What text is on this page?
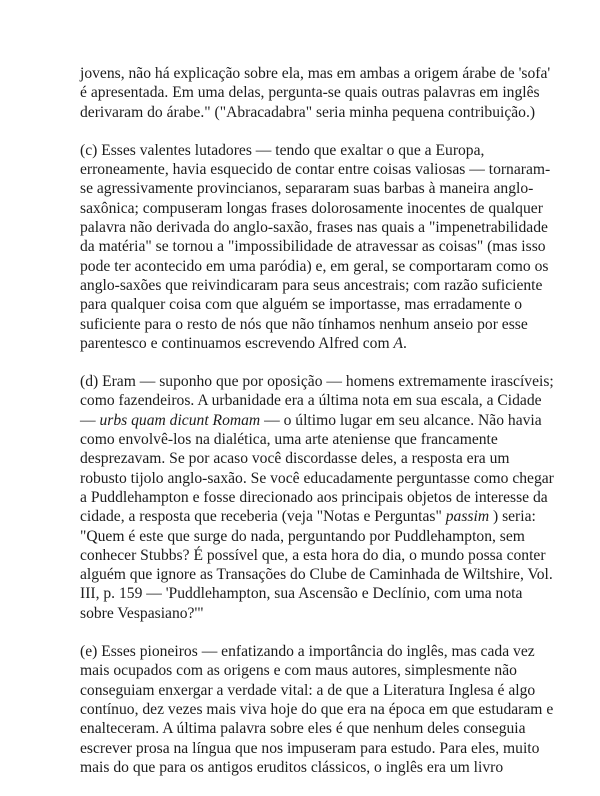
jovens, não há explicação sobre ela, mas em ambas a origem árabe de 'sofa'
é apresentada. Em uma delas, pergunta-se quais outras palavras em inglês
derivaram do árabe." ("Abracadabra" seria minha pequena contribuição.)

(c) Esses valentes lutadores — tendo que exaltar o que a Europa,
erroneamente, havia esquecido de contar entre coisas valiosas — tornaram-
se agressivamente provincianos, separaram suas barbas à maneira anglo-
saxônica; compuseram longas frases dolorosamente inocentes de qualquer
palavra não derivada do anglo-saxão, frases nas quais a "impenetrabilidade
da matéria" se tornou a "impossibilidade de atravessar as coisas" (mas isso
pode ter acontecido em uma paródia) e, em geral, se comportaram como os
anglo-saxões que reivindicaram para seus ancestrais; com razão suficiente
para qualquer coisa com que alguém se importasse, mas erradamente o
suficiente para o resto de nós que não tínhamos nenhum anseio por esse
parentesco e continuamos escrevendo Alfred com A.

(d) Eram — suponho que por oposição — homens extremamente irascíveis;
como fazendeiros. A urbanidade era a última nota em sua escala, a Cidade
— urbs quam dicunt Romam — o último lugar em seu alcance. Não havia
como envolvê-los na dialética, uma arte ateniense que francamente
desprezavam. Se por acaso você discordasse deles, a resposta era um
robusto tijolo anglo-saxão. Se você educadamente perguntasse como chegar
a Puddlehampton e fosse direcionado aos principais objetos de interesse da
cidade, a resposta que receberia (veja "Notas e Perguntas" passim ) seria:
"Quem é este que surge do nada, perguntando por Puddlehampton, sem
conhecer Stubbs? É possível que, a esta hora do dia, o mundo possa conter
alguém que ignore as Transações do Clube de Caminhada de Wiltshire, Vol.
III, p. 159 — 'Puddlehampton, sua Ascensão e Declínio, com uma nota
sobre Vespasiano?'"

(e) Esses pioneiros — enfatizando a importância do inglês, mas cada vez
mais ocupados com as origens e com maus autores, simplesmente não
conseguiam enxergar a verdade vital: a de que a Literatura Inglesa é algo
contínuo, dez vezes mais viva hoje do que era na época em que estudaram e
enalteceram. A última palavra sobre eles é que nenhum deles conseguia
escrever prosa na língua que nos impuseram para estudo. Para eles, muito
mais do que para os antigos eruditos clássicos, o inglês era um livro
